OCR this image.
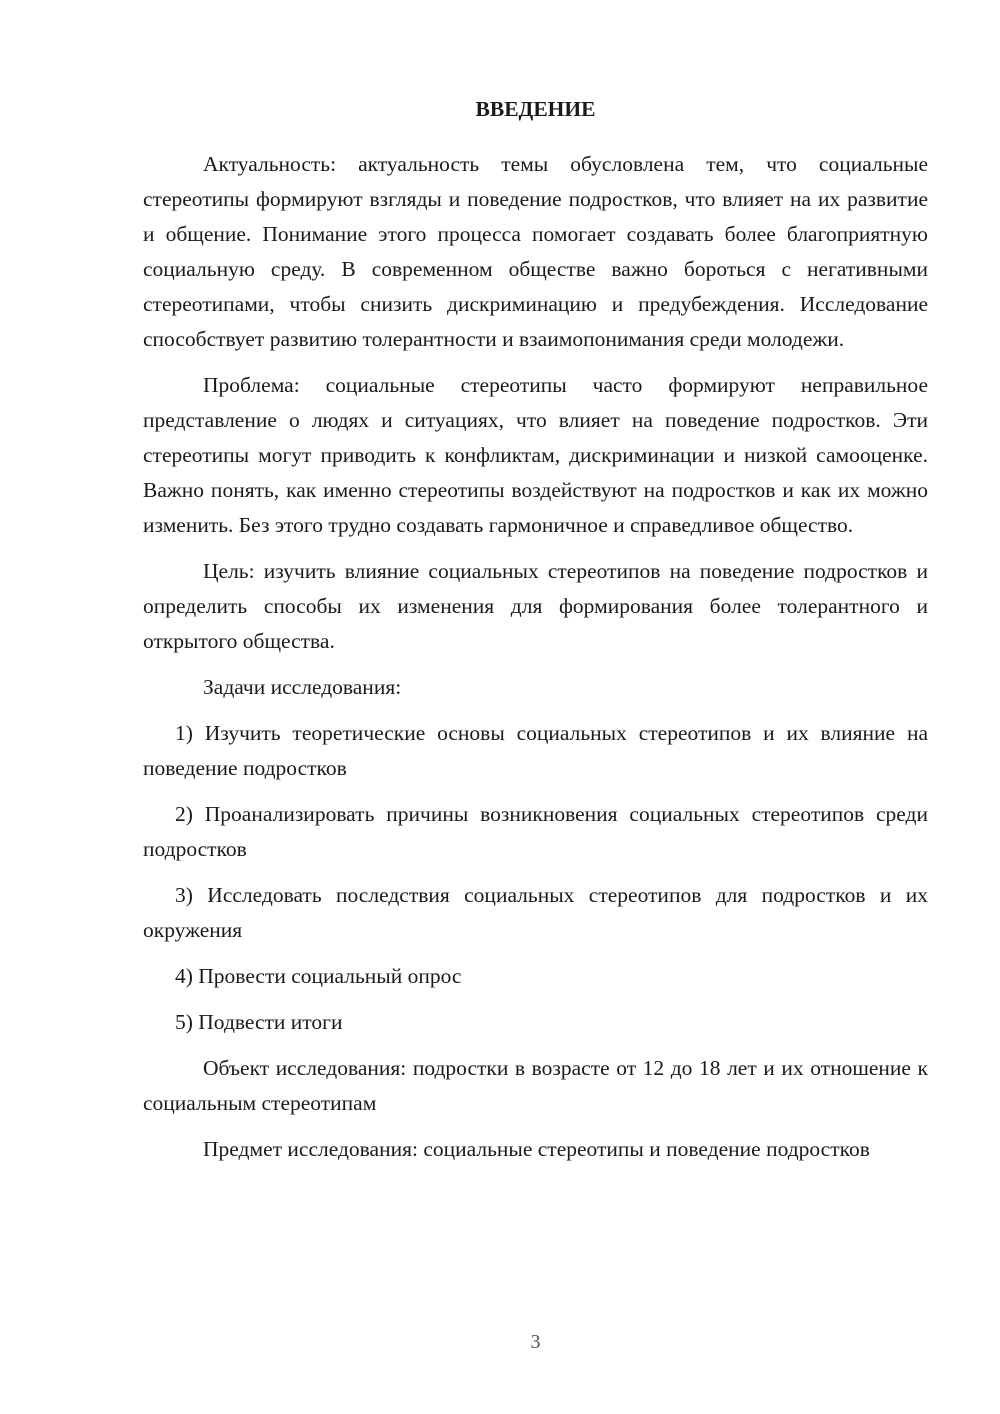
ВВЕДЕНИЕ

Актуальность: актуальность темы обусловлена тем, что социальные стереотипы формируют взгляды и поведение подростков, что влияет на их развитие и общение. Понимание этого процесса помогает создавать более благоприятную социальную среду. В современном обществе важно бороться с негативными стереотипами, чтобы снизить дискриминацию и предубеждения. Исследование способствует развитию толерантности и взаимопонимания среди молодежи.

Проблема: социальные стереотипы часто формируют неправильное представление о людях и ситуациях, что влияет на поведение подростков. Эти стереотипы могут приводить к конфликтам, дискриминации и низкой самооценке. Важно понять, как именно стереотипы воздействуют на подростков и как их можно изменить. Без этого трудно создавать гармоничное и справедливое общество.

Цель: изучить влияние социальных стереотипов на поведение подростков и определить способы их изменения для формирования более толерантного и открытого общества.

Задачи исследования:

1) Изучить теоретические основы социальных стереотипов и их влияние на поведение подростков

2) Проанализировать причины возникновения социальных стереотипов среди подростков

3) Исследовать последствия социальных стереотипов для подростков и их окружения

4) Провести социальный опрос

5) Подвести итоги

Объект исследования: подростки в возрасте от 12 до 18 лет и их отношение к социальным стереотипам

Предмет исследования: социальные стереотипы и поведение подростков

3
